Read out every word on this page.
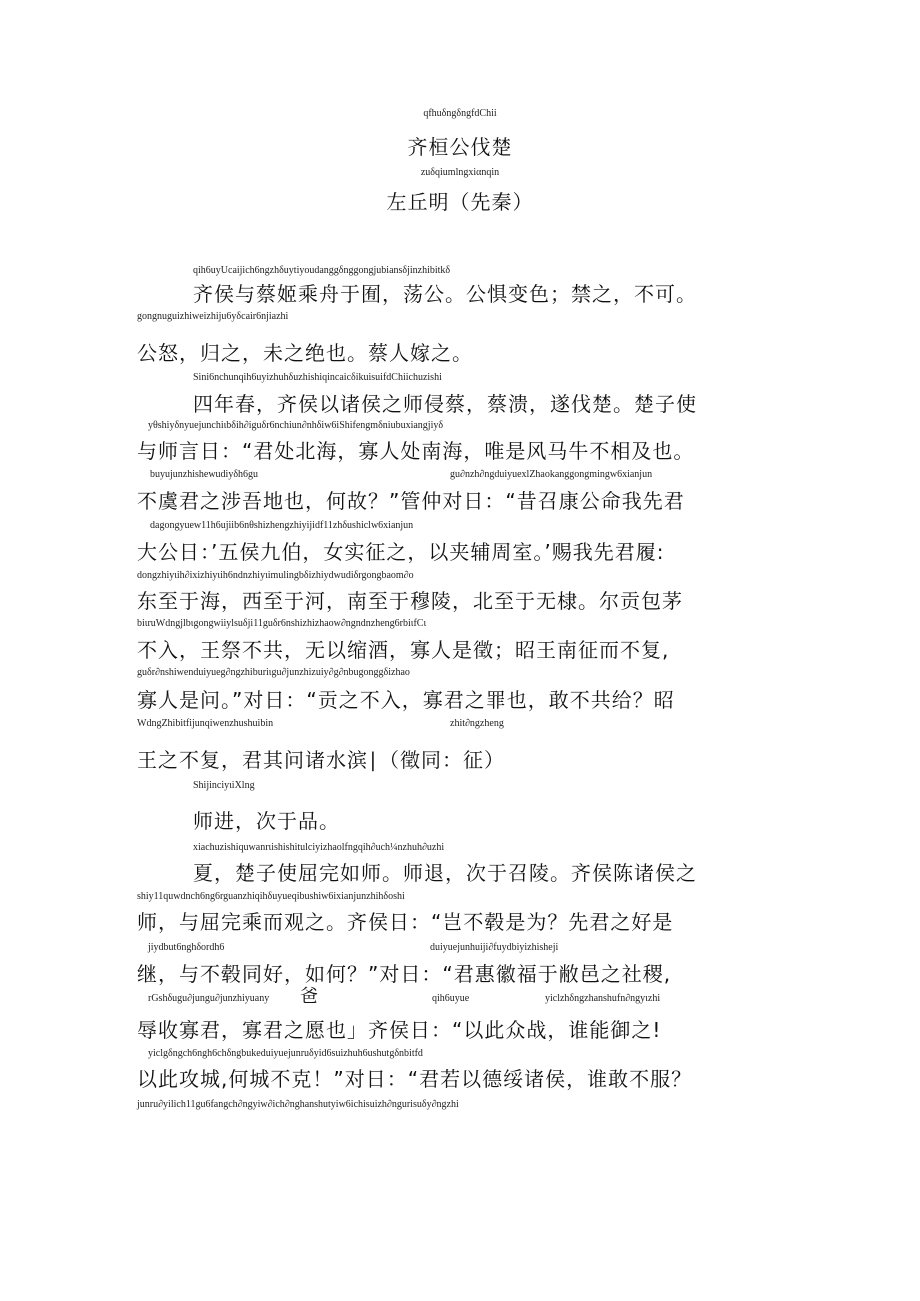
qfhuδngδngfdChii
齐桓公伐楚
zuδqiumlngxiαnqin
左丘明（先秦）
qih6uyUcaijich6ngzhδuytiyoudanggδnggongjubiansδjinzhibitkδ
齐侯与蔡姬乘舟于囿，荡公。公惧变色；禁之，不可。
gongnuguizhiweizhiju6yδcair6njiazhi
公怒，归之，未之绝也。蔡人嫁之。
Sini6nchunqih6uyizhuhδuzhishiqincaicδikuisuifdChiichuzishi
四年春，齐侯以诸侯之师侵蔡，蔡溃，遂伐楚。楚子使
yθshiyδnyuejunchiιbδih∂iguδr6nchiun∂nhδiw6iShifengmδniubuxiangjiyδ
与师言日：“君处北海，寡人处南海，唯是风马牛不相及也。
buyujunzhishewudiyδh6gu	gu∂nzh∂ngduiyuexlZhaokanggongmingw6xianjun
不虞君之涉吾地也，何故？”管仲对日：“昔召康公命我先君
dagongyuew11h6ujiib6nθshizhengzhiyijidf11zhδushiclw6xianjun
大公日：’五侯九伯，女实征之，以夹辅周室。’赐我先君履:
dongzhiyιih∂ixizhiyιih6ndnzhiyιimulingbδizhiydwudiδrgongbaom∂o
东至于海，西至于河，南至于穆陵，北至于无棣。尔贡包茅
biιruWdngjlbιgongwiiylsuδji11guδr6nshizhizhaow∂ngndnzheng6rbiιfCι
不入，王祭不共，无以缩酒，寡人是徵；昭王南征而不复,
guδr∂nshiwenduiyueg∂ngzhiburiιgu∂junzhizuiy∂g∂nbugonggδizhao
寡人是问。”对日：“贡之不入，寡君之罪也，敢不共给？昭
WdngZhibitfijunqiwenzhushuibin	zhit∂ngzheng
王之不复，君其问诸水滨∣（徵同：征）
ShijinciyιiXlng
师进，次于品。
xiachuzishiquwanrιishishitulciyizhaolfngqih∂uch¼nzhuh∂uzhi
夏，楚子使屈完如师。师退，次于召陵。齐侯陈诸侯之
shiy11quwdnch6ng6rguanzhiqihδuyueqibushiw6ixianjunzhihδoshi
师，与屈完乘而观之。齐侯日：“岂不毂是为？先君之好是
jiydbut6nghδordh6	duiyuejunhuiji∂fuydbiyizhisheji
继，与不毂同好，如何？”对日：“君惠徽福于敝邑之社稷,
rGshδugu∂jungu∂junzhiyuany 爸	qih6uyue	yiclzhδngzhanshufn∂ngyιzhi
辱收寡君，寡君之愿也」齐侯日：“以此众战，谁能御之!
yiclgδngch6ngh6chδngbukeduiyuejunruδyid6suizhuh6ushutgδnbitfd
以此攻城,何城不克！”对日：“君若以德绥诸侯，谁敢不服？
junru∂yilich11gu6fangch∂ngyiw∂ich∂nghanshutyiw6ichisuizh∂ngurisuδy∂ngzhi
